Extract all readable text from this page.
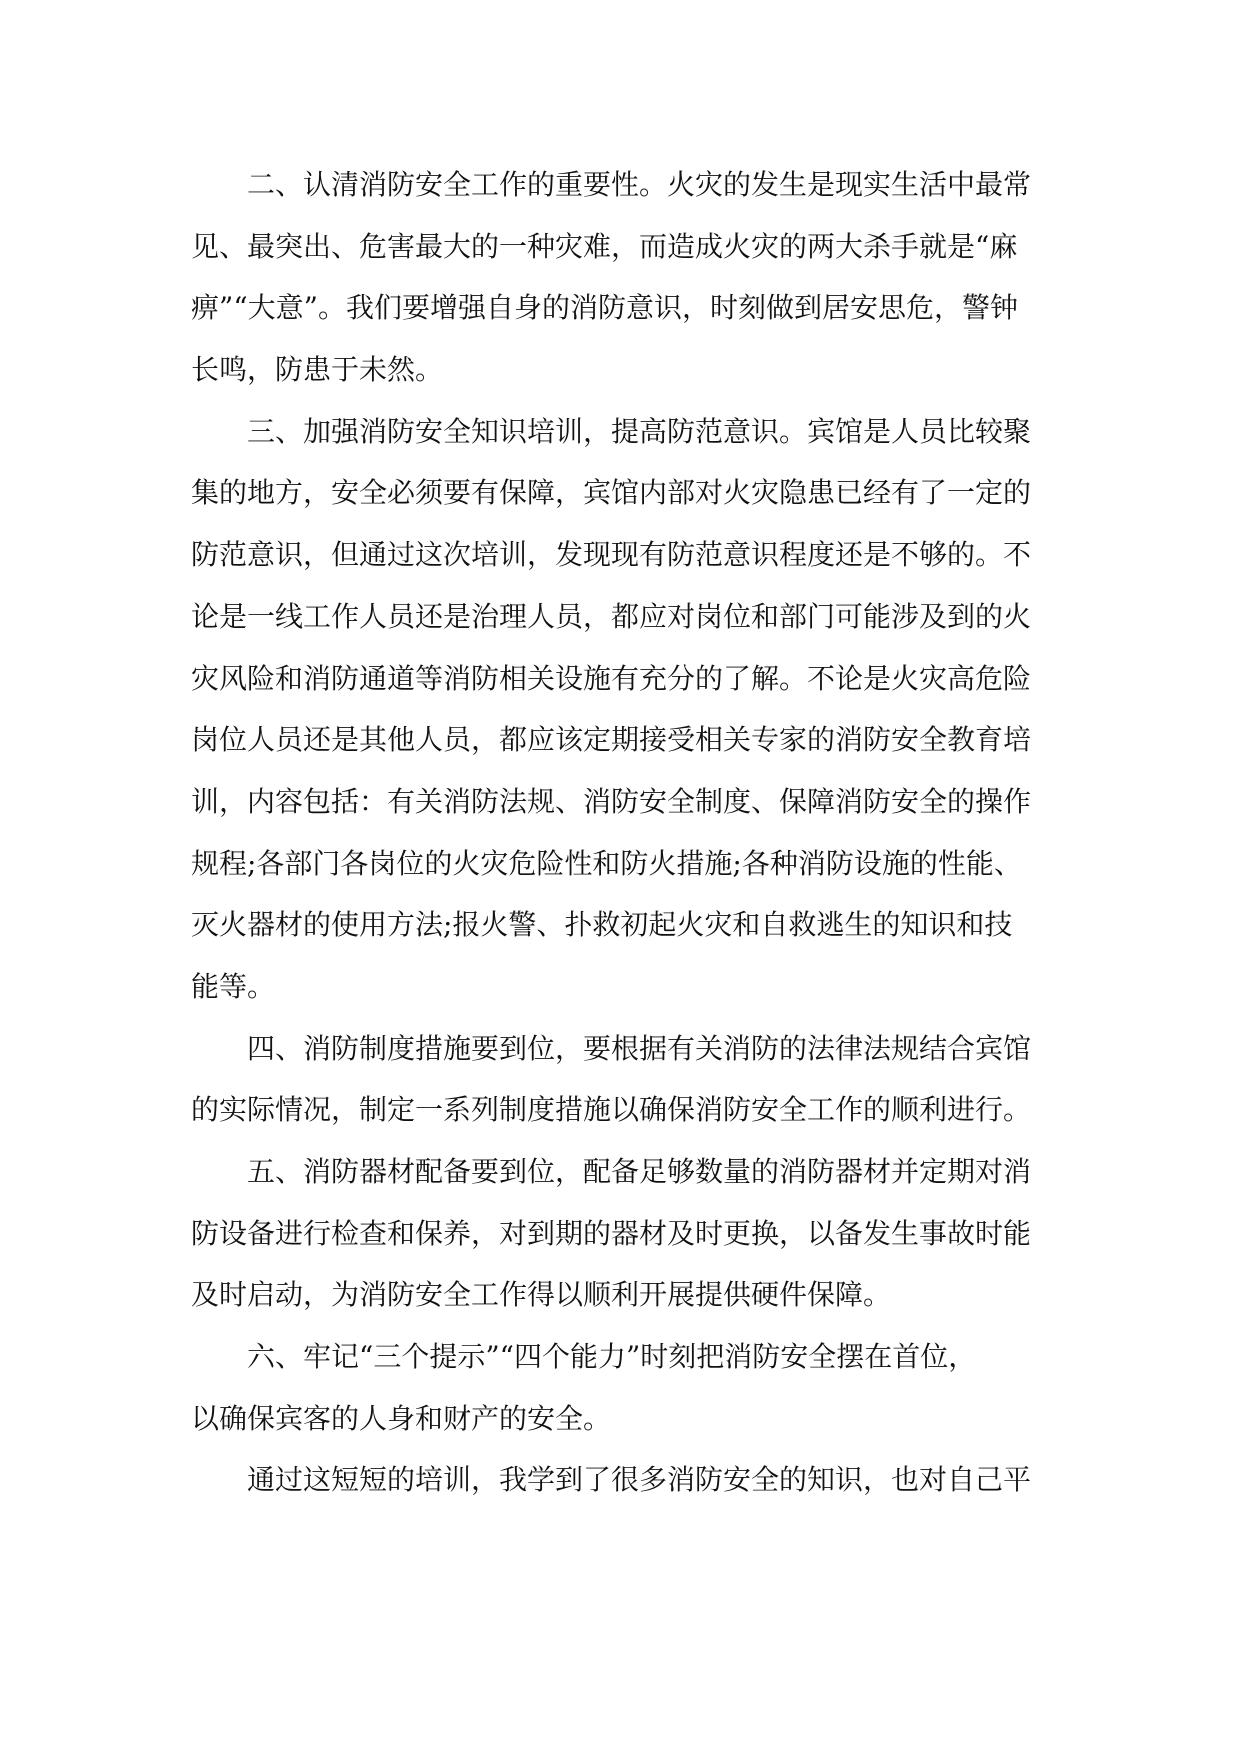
二、认清消防安全工作的重要性。火灾的发生是现实生活中最常
见、最突出、危害最大的一种灾难，而造成火灾的两大杀手就是“麻
痹”“大意”。我们要增强自身的消防意识，时刻做到居安思危，警钟
长鸣，防患于未然。
三、加强消防安全知识培训，提高防范意识。宾馆是人员比较聚
集的地方，安全必须要有保障，宾馆内部对火灾隐患已经有了一定的
防范意识，但通过这次培训，发现现有防范意识程度还是不够的。不
论是一线工作人员还是治理人员，都应对岗位和部门可能涉及到的火
灾风险和消防通道等消防相关设施有充分的了解。不论是火灾高危险
岗位人员还是其他人员，都应该定期接受相关专家的消防安全教育培
训，内容包括：有关消防法规、消防安全制度、保障消防安全的操作
规程;各部门各岗位的火灾危险性和防火措施;各种消防设施的性能、
灭火器材的使用方法;报火警、扑救初起火灾和自救逃生的知识和技
能等。
四、消防制度措施要到位，要根据有关消防的法律法规结合宾馆
的实际情况，制定一系列制度措施以确保消防安全工作的顺利进行。
五、消防器材配备要到位，配备足够数量的消防器材并定期对消
防设备进行检查和保养，对到期的器材及时更换，以备发生事故时能
及时启动，为消防安全工作得以顺利开展提供硬件保障。
六、牢记“三个提示”“四个能力”时刻把消防安全摆在首位，
以确保宾客的人身和财产的安全。
通过这短短的培训，我学到了很多消防安全的知识，也对自己平
